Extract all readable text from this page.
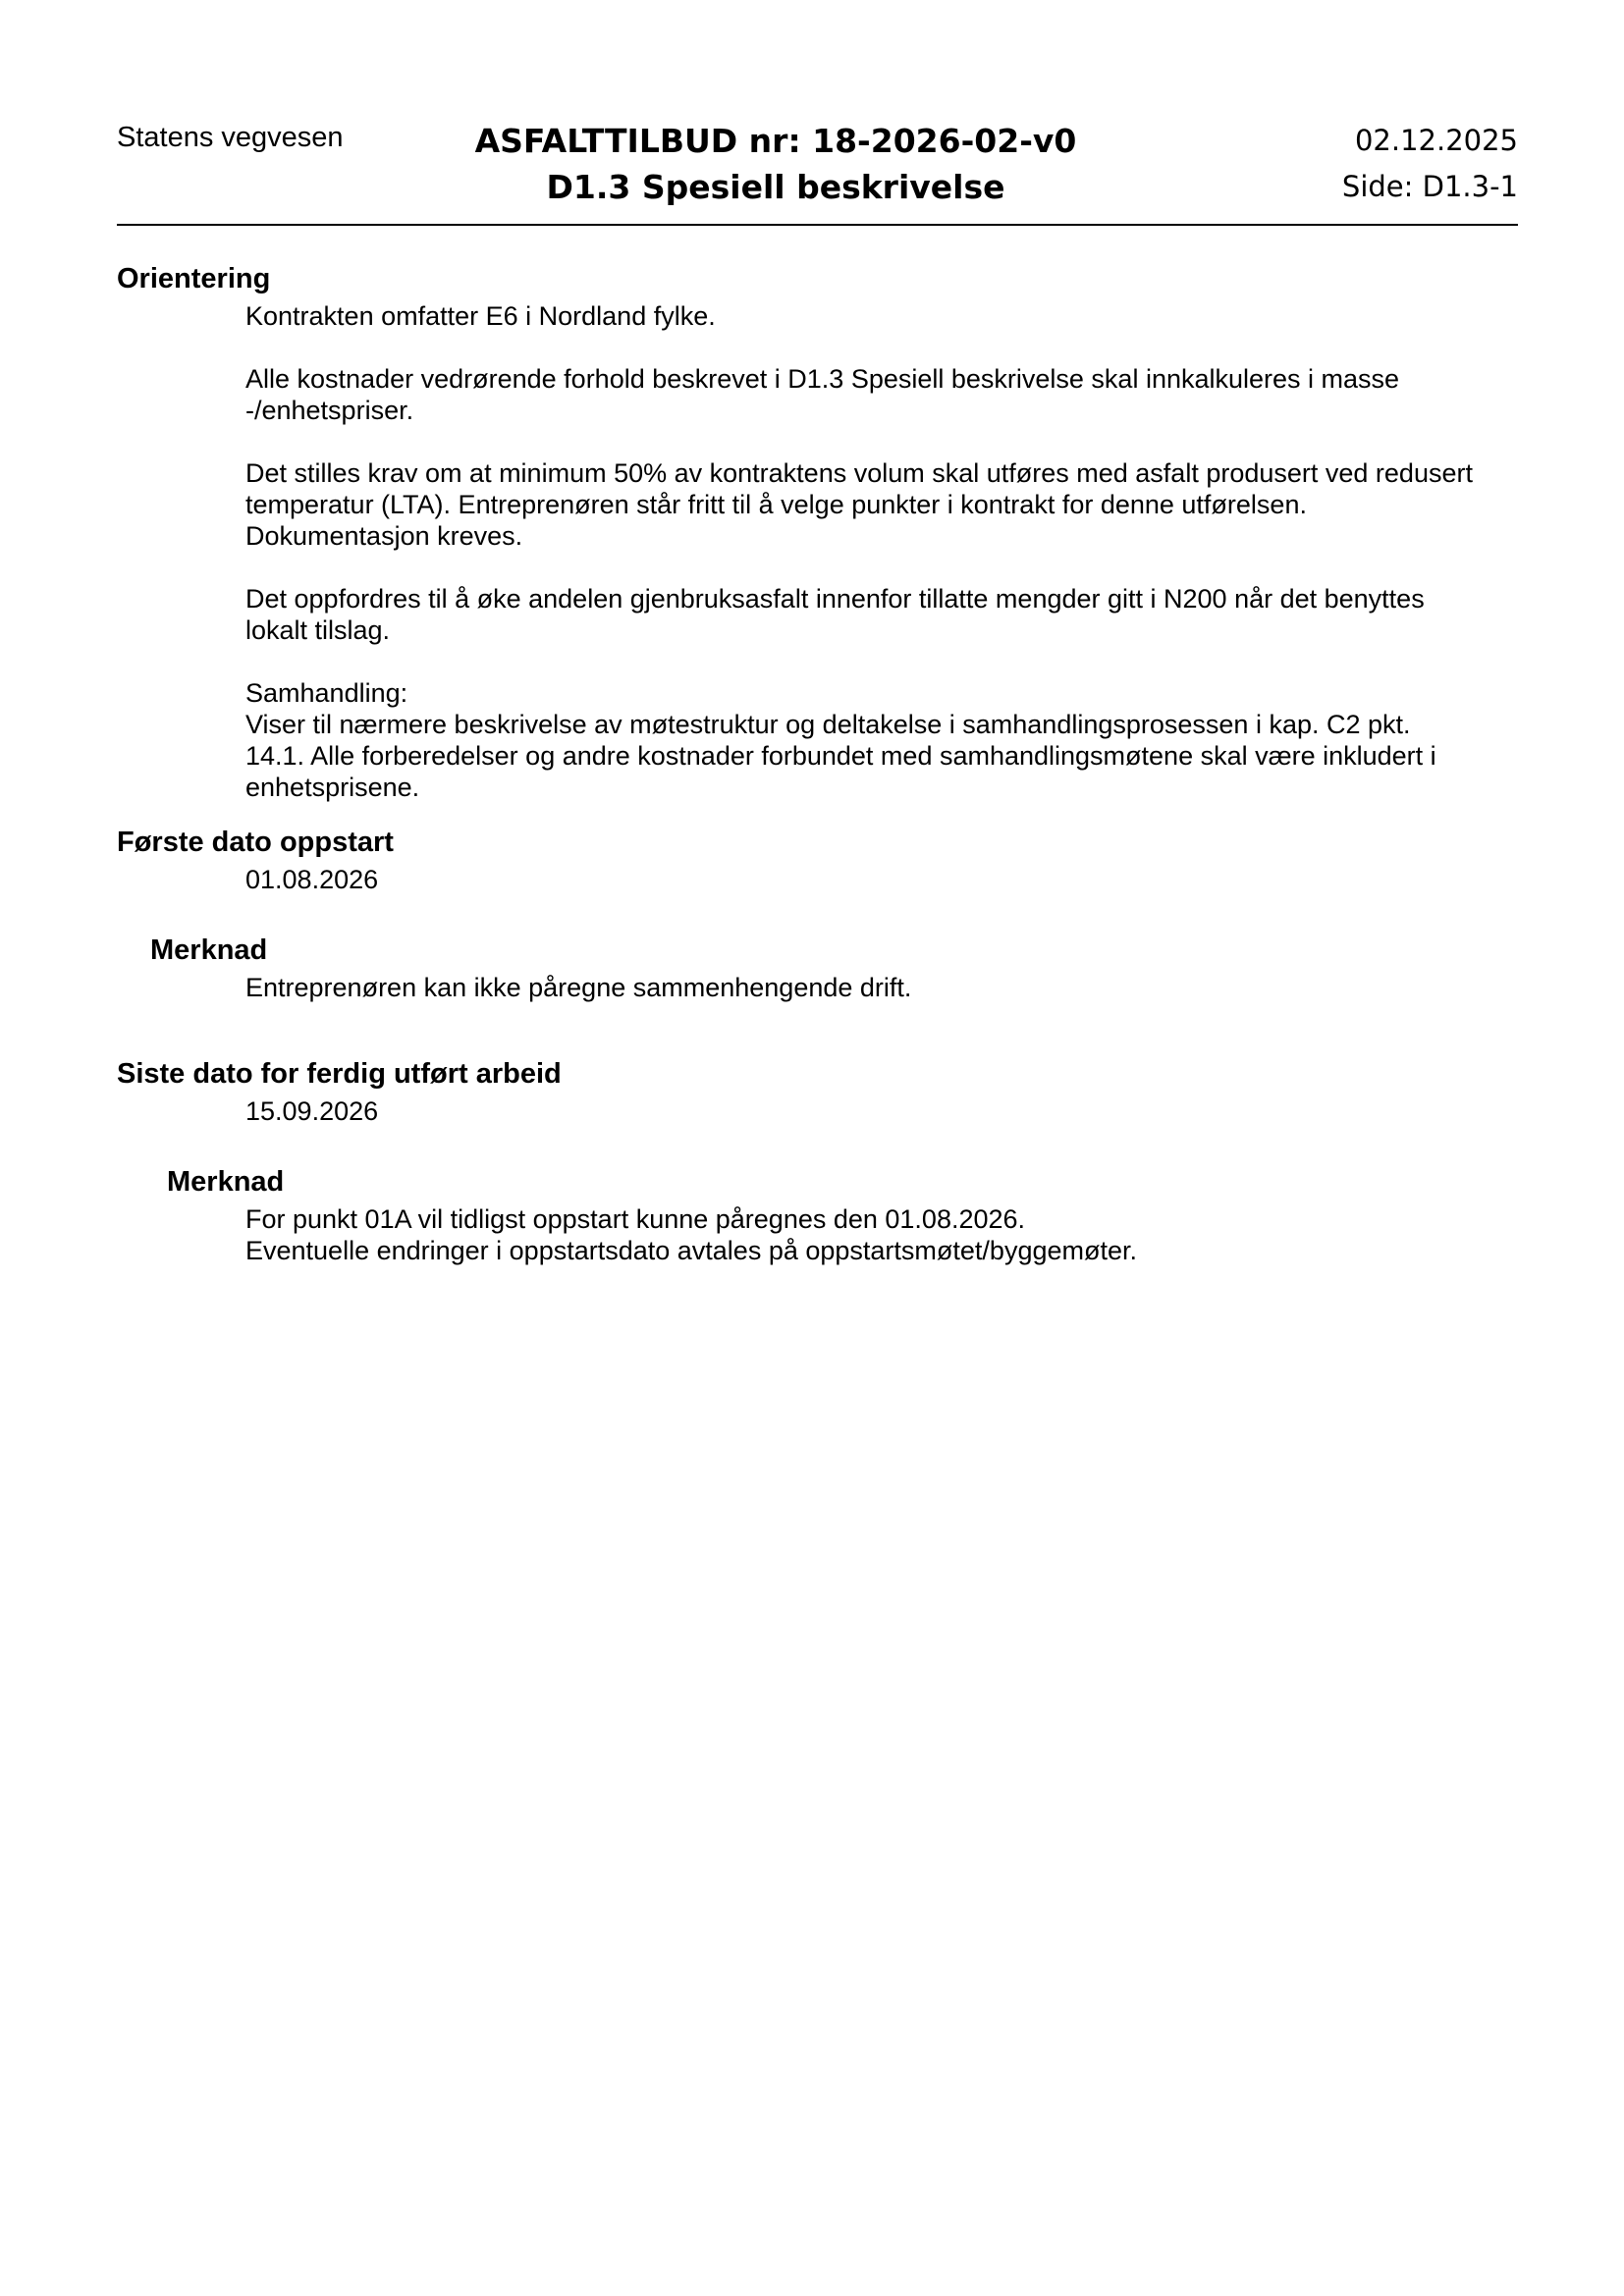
Statens vegvesen	ASFALTTILBUD nr: 18-2026-02-v0
D1.3 Spesiell beskrivelse
02.12.2025
Side: D1.3-1
Orientering

Kontrakten omfatter E6 i Nordland fylke.

Alle kostnader vedrørende forhold beskrevet i D1.3 Spesiell beskrivelse skal innkalkuleres i masse

-/enhetspriser.

Det stilles krav om at minimum 50% av kontraktens volum skal utføres med asfalt produsert ved redusert

temperatur (LTA). Entreprenøren står fritt til å velge punkter i kontrakt for denne utførelsen.

Dokumentasjon kreves.

Det oppfordres til å øke andelen gjenbruksasfalt innenfor tillatte mengder gitt i N200 når det benyttes

lokalt tilslag.

Samhandling:

Viser til nærmere beskrivelse av møtestruktur og deltakelse i samhandlingsprosessen i kap. C2 pkt.

14.1. Alle forberedelser og andre kostnader forbundet med samhandlingsmøtene skal være inkludert i

enhetsprisene.

Første dato oppstart

01.08.2026

Merknad

Entreprenøren kan ikke påregne sammenhengende drift.

Siste dato for ferdig utført arbeid

15.09.2026

Merknad

For punkt 01A vil tidligst oppstart kunne påregnes den 01.08.2026.

Eventuelle endringer i oppstartsdato avtales på oppstartsmøtet/byggemøter.
